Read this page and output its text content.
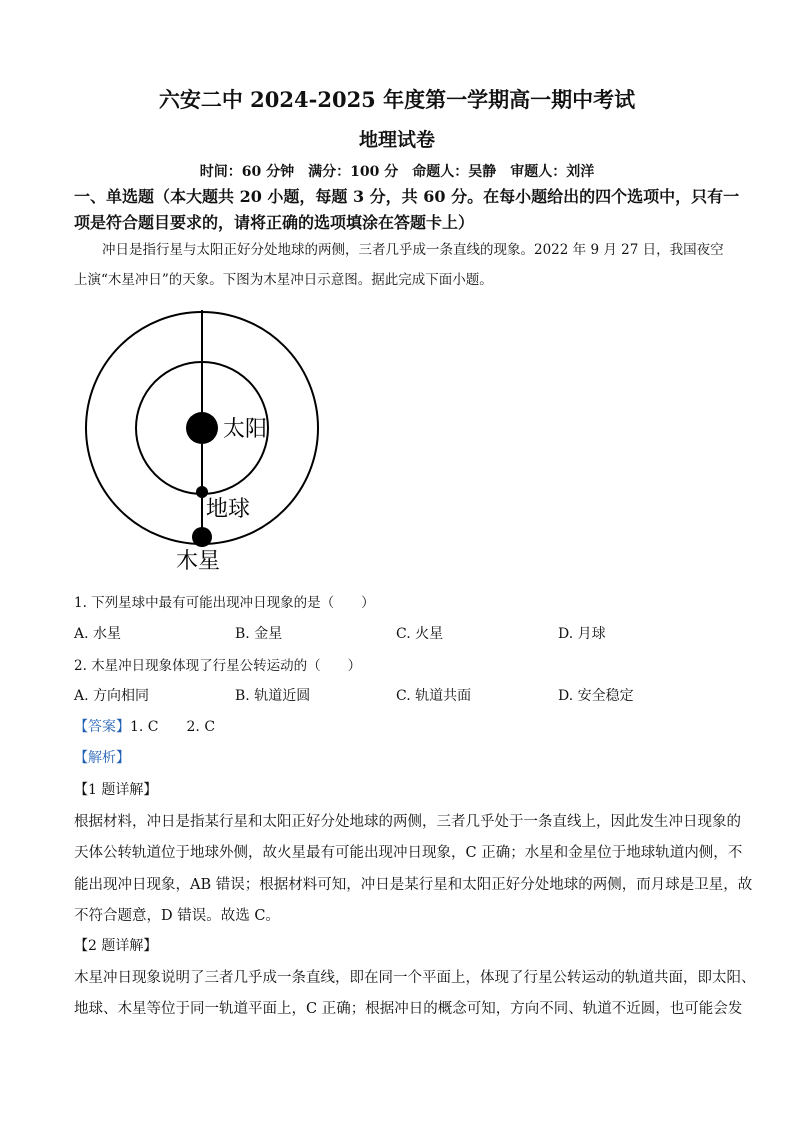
六安二中 2024-2025 年度第一学期高一期中考试
地理试卷
时间：60 分钟　满分：100 分　命题人：吴静　审题人：刘洋
一、单选题（本大题共 20 小题，每题 3 分，共 60 分。在每小题给出的四个选项中，只有一
项是符合题目要求的，请将正确的选项填涂在答题卡上）
冲日是指行星与太阳正好分处地球的两侧，三者几乎成一条直线的现象。2022 年 9 月 27 日，我国夜空
上演“木星冲日”的天象。下图为木星冲日示意图。据此完成下面小题。
太阳
地球
木星
1. 下列星球中最有可能出现冲日现象的是（　　）
A. 水星	B. 金星	C. 火星	D. 月球
2. 木星冲日现象体现了行星公转运动的（　　）
A. 方向相同	B. 轨道近圆	C. 轨道共面	D. 安全稳定
【答案】1. C　　2. C
【解析】
【1 题详解】
根据材料，冲日是指某行星和太阳正好分处地球的两侧，三者几乎处于一条直线上，因此发生冲日现象的
天体公转轨道位于地球外侧，故火星最有可能出现冲日现象，C 正确；水星和金星位于地球轨道内侧，不
能出现冲日现象，AB 错误；根据材料可知，冲日是某行星和太阳正好分处地球的两侧，而月球是卫星，故
不符合题意，D 错误。故选 C。
【2 题详解】
木星冲日现象说明了三者几乎成一条直线，即在同一个平面上，体现了行星公转运动的轨道共面，即太阳、
地球、木星等位于同一轨道平面上，C 正确；根据冲日的概念可知，方向不同、轨道不近圆，也可能会发
